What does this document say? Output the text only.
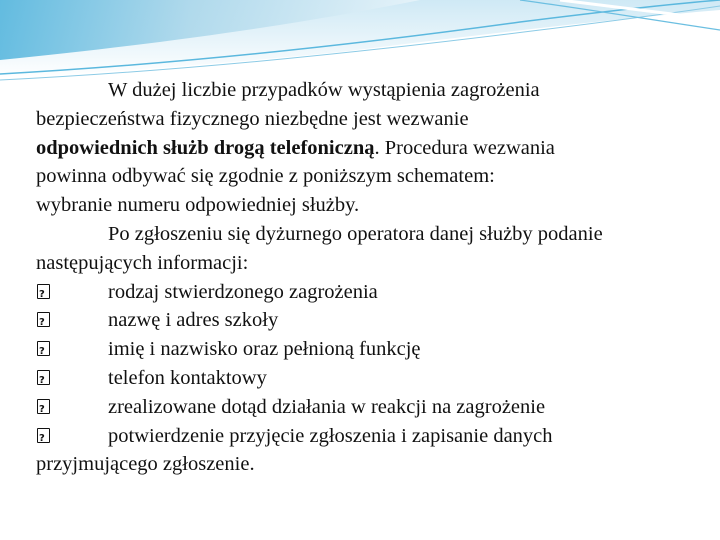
W dużej liczbie przypadków wystąpienia zagrożenia
bezpieczeństwa fizycznego niezbędne jest wezwanie
odpowiednich służb drogą telefoniczną. Procedura wezwania
powinna odbywać się zgodnie z poniższym schematem:
wybranie numeru odpowiedniej służby.
Po zgłoszeniu się dyżurnego operatora danej służby podanie
następujących informacji:
?
rodzaj stwierdzonego zagrożenia
?
nazwę i adres szkoły
?
imię i nazwisko oraz pełnioną funkcję
?
telefon kontaktowy
?
zrealizowane dotąd działania w reakcji na zagrożenie
?
potwierdzenie przyjęcie zgłoszenia i zapisanie danych
przyjmującego zgłoszenie.
